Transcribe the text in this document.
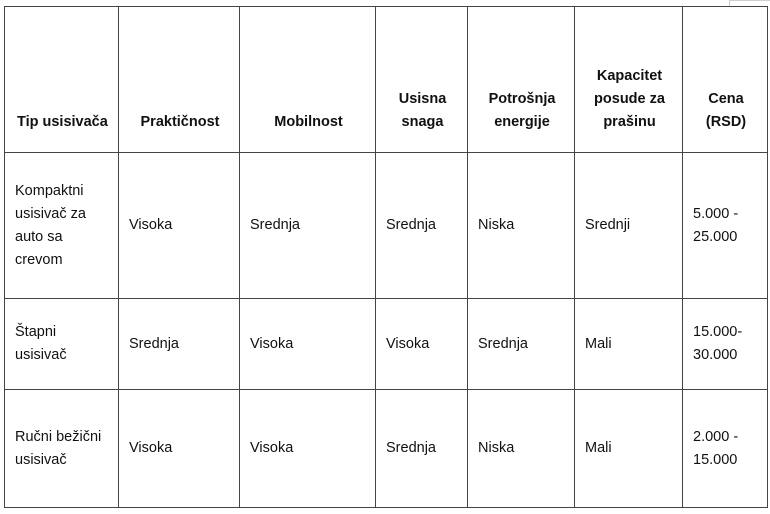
Tip usisivača	Praktičnost	Mobilnost	Usisna snaga	Potrošnja energije	Kapacitet posude za prašinu	Cena (RSD)

Kompaktni usisivač za auto sa crevom	Visoka	Srednja	Srednja	Niska	Srednji	5.000 - 25.000

Štapni usisivač	Srednja	Visoka	Visoka	Srednja	Mali	15.000- 30.000

Ručni bežični usisivač	Visoka	Visoka	Srednja	Niska	Mali	2.000 - 15.000
